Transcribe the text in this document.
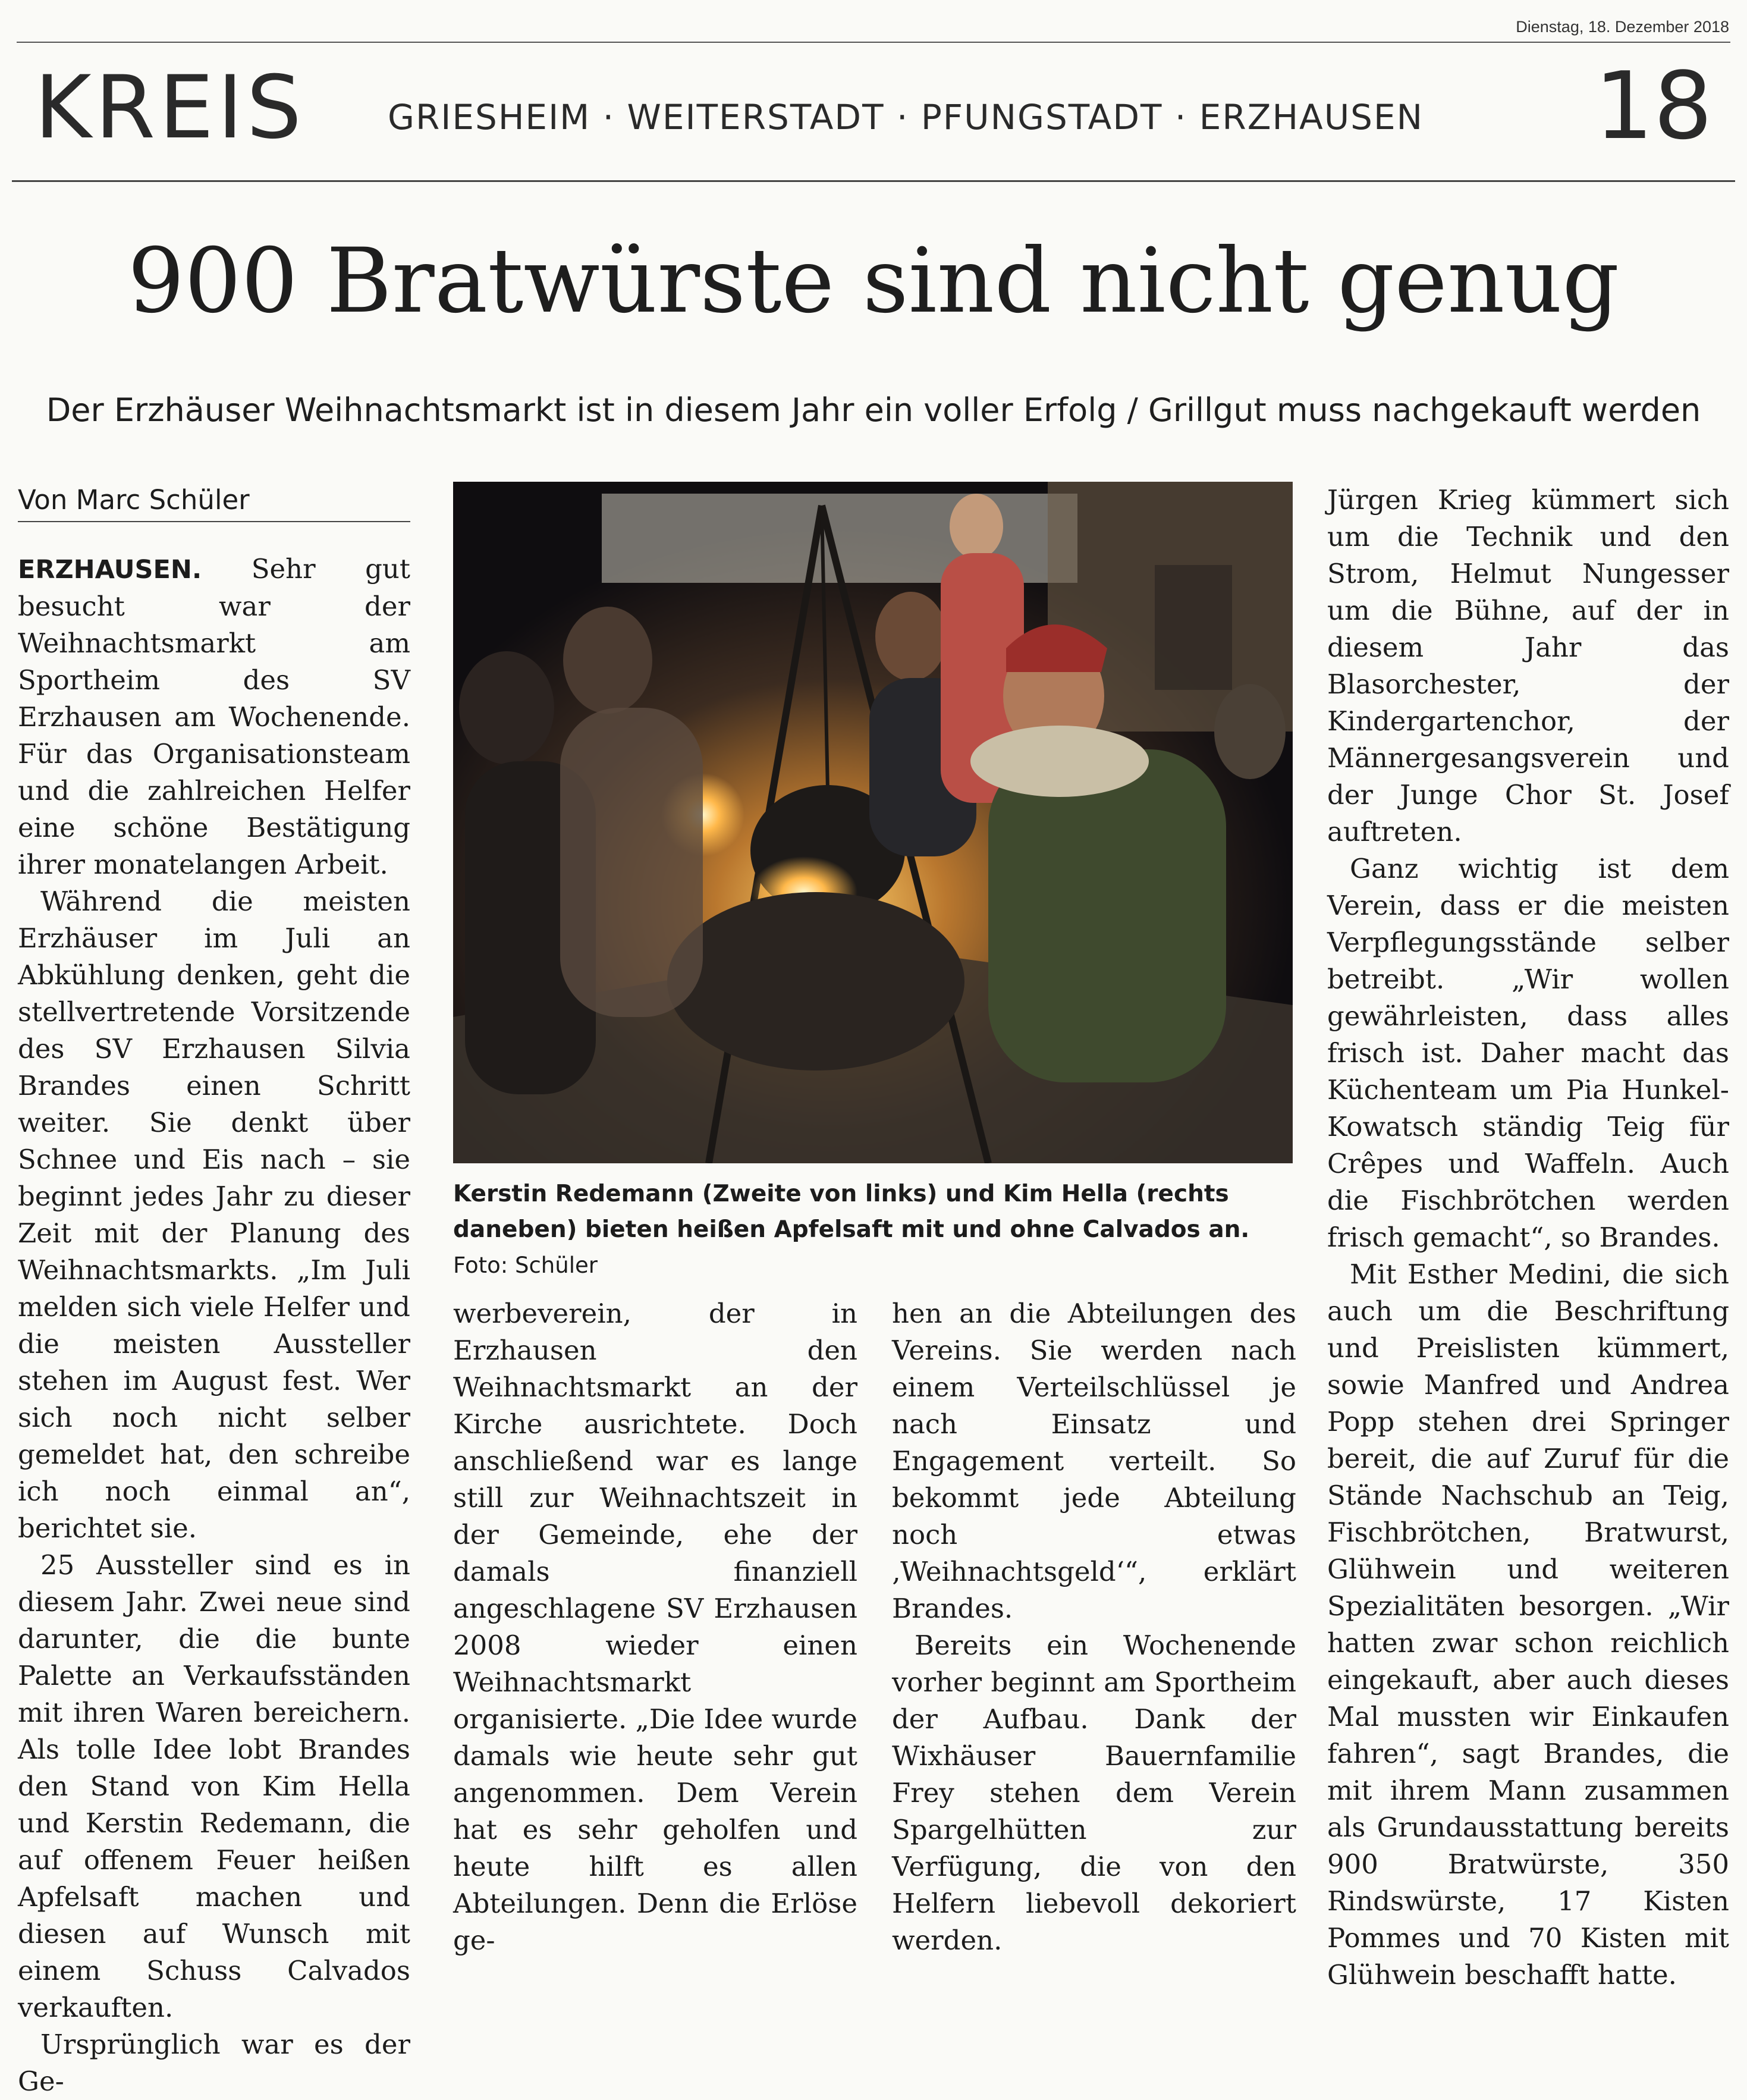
Dienstag, 18. Dezember 2018
KREIS GRIESHEIM · WEITERSTADT · PFUNGSTADT · ERZHAUSEN 18
900 Bratwürste sind nicht genug
Der Erzhäuser Weihnachtsmarkt ist in diesem Jahr ein voller Erfolg / Grillgut muss nachgekauft werden
Von Marc Schüler

ERZHAUSEN. Sehr gut besucht war der Weihnachtsmarkt am Sportheim des SV Erzhausen am Wochenende. Für das Organisationsteam und die zahlreichen Helfer eine schöne Bestätigung ihrer monatelangen Arbeit.

Während die meisten Erzhäuser im Juli an Abkühlung denken, geht die stellvertretende Vorsitzende des SV Erzhausen Silvia Brandes einen Schritt weiter. Sie denkt über Schnee und Eis nach – sie beginnt jedes Jahr zu dieser Zeit mit der Planung des Weihnachtsmarkts. „Im Juli melden sich viele Helfer und die meisten Aussteller stehen im August fest. Wer sich noch nicht selber gemeldet hat, den schreibe ich noch einmal an“, berichtet sie.

25 Aussteller sind es in diesem Jahr. Zwei neue sind darunter, die die bunte Palette an Verkaufsständen mit ihren Waren bereichern. Als tolle Idee lobt Brandes den Stand von Kim Hella und Kerstin Redemann, die auf offenem Feuer heißen Apfelsaft machen und diesen auf Wunsch mit einem Schuss Calvados verkauften.

Ursprünglich war es der Ge-

Kerstin Redemann (Zweite von links) und Kim Hella (rechts daneben) bieten heißen Apfelsaft mit und ohne Calvados an. Foto: Schüler

werbeverein, der in Erzhausen den Weihnachtsmarkt an der Kirche ausrichtete. Doch anschließend war es lange still zur Weihnachtszeit in der Gemeinde, ehe der damals finanziell angeschlagene SV Erzhausen 2008 wieder einen Weihnachtsmarkt organisierte. „Die Idee wurde damals wie heute sehr gut angenommen. Dem Verein hat es sehr geholfen und heute hilft es allen Abteilungen. Denn die Erlöse ge-

hen an die Abteilungen des Vereins. Sie werden nach einem Verteilschlüssel je nach Einsatz und Engagement verteilt. So bekommt jede Abteilung noch etwas ‚Weihnachtsgeld‘“, erklärt Brandes.

Bereits ein Wochenende vorher beginnt am Sportheim der Aufbau. Dank der Wixhäuser Bauernfamilie Frey stehen dem Verein Spargelhütten zur Verfügung, die von den Helfern liebevoll dekoriert werden.

Jürgen Krieg kümmert sich um die Technik und den Strom, Helmut Nungesser um die Bühne, auf der in diesem Jahr das Blasorchester, der Kindergartenchor, der Männergesangsverein und der Junge Chor St. Josef auftreten.

Ganz wichtig ist dem Verein, dass er die meisten Verpflegungsstände selber betreibt. „Wir wollen gewährleisten, dass alles frisch ist. Daher macht das Küchenteam um Pia Hunkel-Kowatsch ständig Teig für Crêpes und Waffeln. Auch die Fischbrötchen werden frisch gemacht“, so Brandes.

Mit Esther Medini, die sich auch um die Beschriftung und Preislisten kümmert, sowie Manfred und Andrea Popp stehen drei Springer bereit, die auf Zuruf für die Stände Nachschub an Teig, Fischbrötchen, Bratwurst, Glühwein und weiteren Spezialitäten besorgen. „Wir hatten zwar schon reichlich eingekauft, aber auch dieses Mal mussten wir Einkaufen fahren“, sagt Brandes, die mit ihrem Mann zusammen als Grundausstattung bereits 900 Bratwürste, 350 Rindswürste, 17 Kisten Pommes und 70 Kisten mit Glühwein beschafft hatte.
